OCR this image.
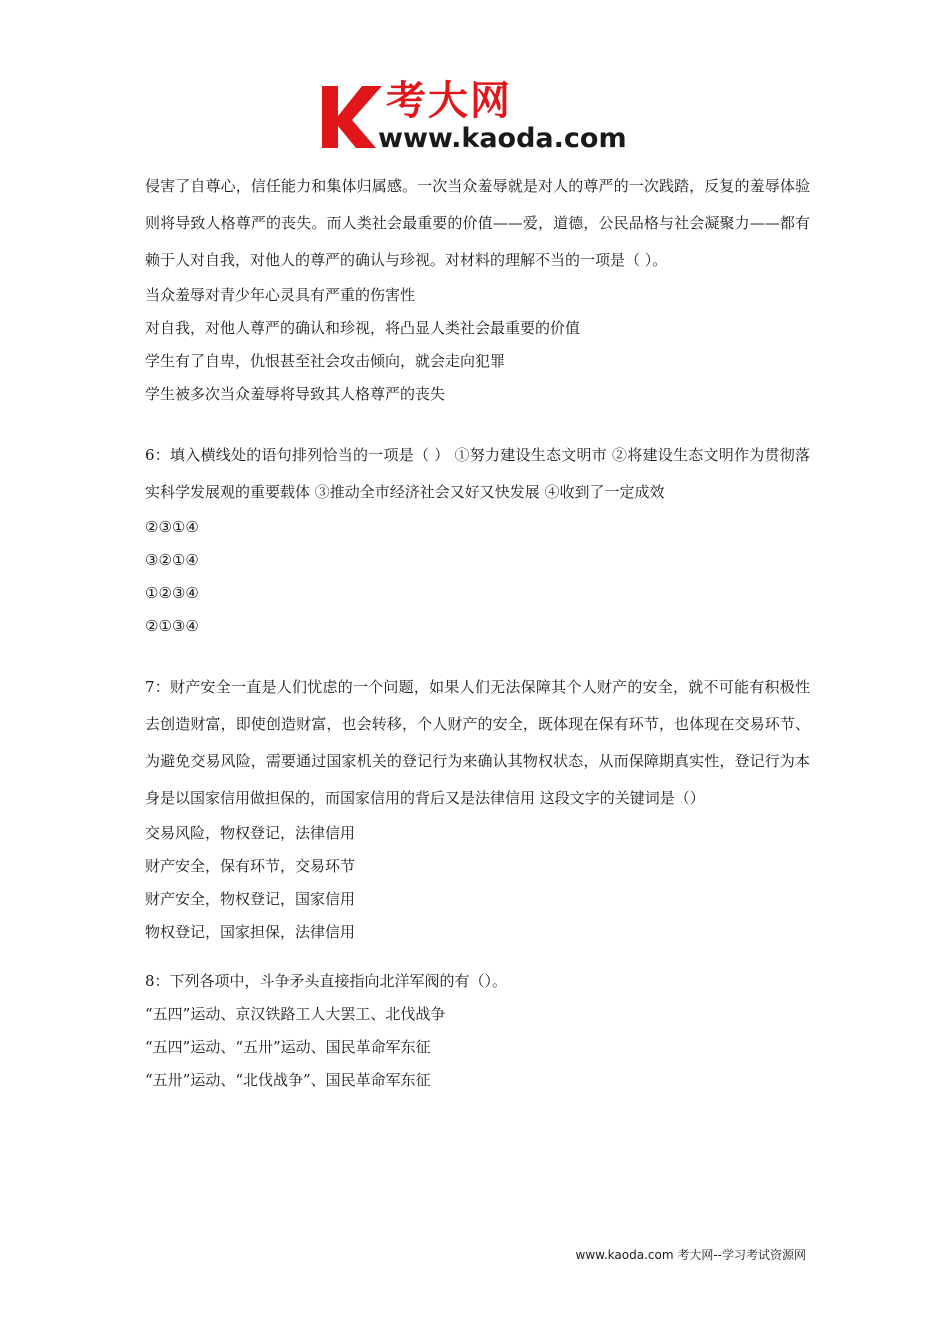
考大网
www.kaoda.com

侵害了自尊心，信任能力和集体归属感。一次当众羞辱就是对人的尊严的一次践踏，反复的羞辱体验则将导致人格尊严的丧失。而人类社会最重要的价值——爱，道德，公民品格与社会凝聚力——都有赖于人对自我，对他人的尊严的确认与珍视。对材料的理解不当的一项是（ ）。

当众羞辱对青少年心灵具有严重的伤害性

对自我，对他人尊严的确认和珍视，将凸显人类社会最重要的价值

学生有了自卑，仇恨甚至社会攻击倾向，就会走向犯罪

学生被多次当众羞辱将导致其人格尊严的丧失

6：填入横线处的语句排列恰当的一项是（ ） ①努力建设生态文明市 ②将建设生态文明作为贯彻落实科学发展观的重要载体 ③推动全市经济社会又好又快发展 ④收到了一定成效

②③①④

③②①④

①②③④

②①③④

7：财产安全一直是人们忧虑的一个问题，如果人们无法保障其个人财产的安全，就不可能有积极性去创造财富，即使创造财富，也会转移，个人财产的安全，既体现在保有环节，也体现在交易环节、为避免交易风险，需要通过国家机关的登记行为来确认其物权状态，从而保障期真实性，登记行为本身是以国家信用做担保的，而国家信用的背后又是法律信用 这段文字的关键词是（）

交易风险，物权登记，法律信用

财产安全，保有环节，交易环节

财产安全，物权登记，国家信用

物权登记，国家担保，法律信用

8：下列各项中，斗争矛头直接指向北洋军阀的有（）。

“五四”运动、京汉铁路工人大罢工、北伐战争

“五四”运动、“五卅”运动、国民革命军东征

“五卅”运动、“北伐战争”、国民革命军东征

www.kaoda.com 考大网--学习考试资源网
